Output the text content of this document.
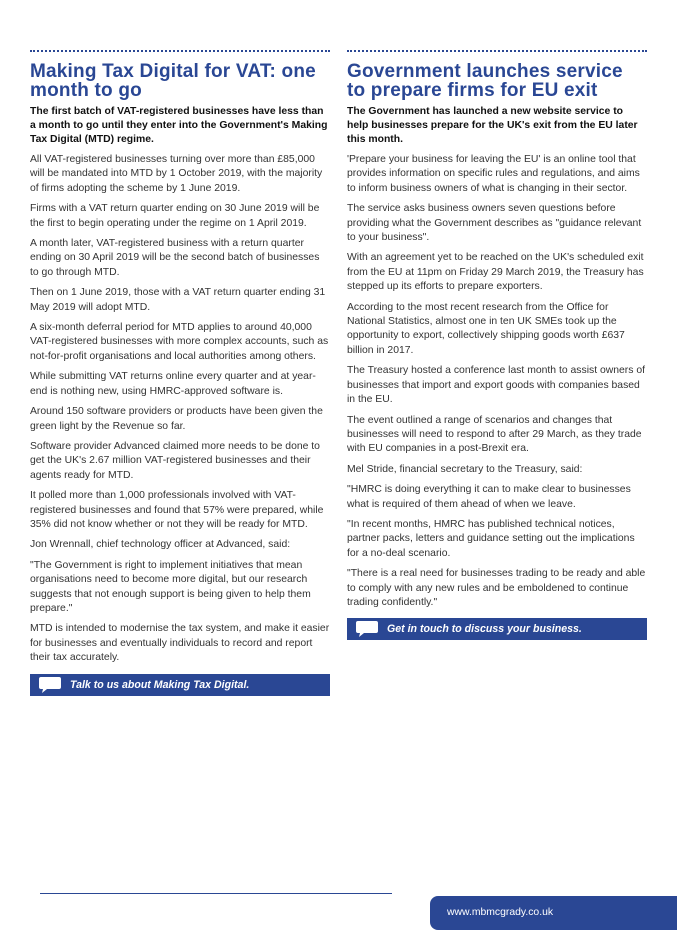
Making Tax Digital for VAT: one
month to go

The first batch of VAT-registered businesses have less than a month to go until they enter into the Government's Making Tax Digital (MTD) regime.

All VAT-registered businesses turning over more than £85,000 will be mandated into MTD by 1 October 2019, with the majority of firms adopting the scheme by 1 June 2019.

Firms with a VAT return quarter ending on 30 June 2019 will be the first to begin operating under the regime on 1 April 2019.

A month later, VAT-registered business with a return quarter ending on 30 April 2019 will be the second batch of businesses to go through MTD.

Then on 1 June 2019, those with a VAT return quarter ending 31 May 2019 will adopt MTD.

A six-month deferral period for MTD applies to around 40,000 VAT-registered businesses with more complex accounts, such as not-for-profit organisations and local authorities among others.

While submitting VAT returns online every quarter and at year-end is nothing new, using HMRC-approved software is.

Around 150 software providers or products have been given the green light by the Revenue so far.

Software provider Advanced claimed more needs to be done to get the UK's 2.67 million VAT-registered businesses and their agents ready for MTD.

It polled more than 1,000 professionals involved with VAT-registered businesses and found that 57% were prepared, while 35% did not know whether or not they will be ready for MTD.

Jon Wrennall, chief technology officer at Advanced, said:

"The Government is right to implement initiatives that mean organisations need to become more digital, but our research suggests that not enough support is being given to help them prepare."

MTD is intended to modernise the tax system, and make it easier for businesses and eventually individuals to record and report their tax accurately.

Talk to us about Making Tax Digital.
Government launches service
to prepare firms for EU exit

The Government has launched a new website service to help businesses prepare for the UK's exit from the EU later this month.

'Prepare your business for leaving the EU' is an online tool that provides information on specific rules and regulations, and aims to inform business owners of what is changing in their sector.

The service asks business owners seven questions before providing what the Government describes as "guidance relevant to your business".

With an agreement yet to be reached on the UK's scheduled exit from the EU at 11pm on Friday 29 March 2019, the Treasury has stepped up its efforts to prepare exporters.

According to the most recent research from the Office for National Statistics, almost one in ten UK SMEs took up the opportunity to export, collectively shipping goods worth £637 billion in 2017.

The Treasury hosted a conference last month to assist owners of businesses that import and export goods with companies based in the EU.

The event outlined a range of scenarios and changes that businesses will need to respond to after 29 March, as they trade with EU companies in a post-Brexit era.

Mel Stride, financial secretary to the Treasury, said:

"HMRC is doing everything it can to make clear to businesses what is required of them ahead of when we leave.

"In recent months, HMRC has published technical notices, partner packs, letters and guidance setting out the implications for a no-deal scenario.

"There is a real need for businesses trading to be ready and able to comply with any new rules and be emboldened to continue trading confidently."

Get in touch to discuss your business.
www.mbmcgrady.co.uk
